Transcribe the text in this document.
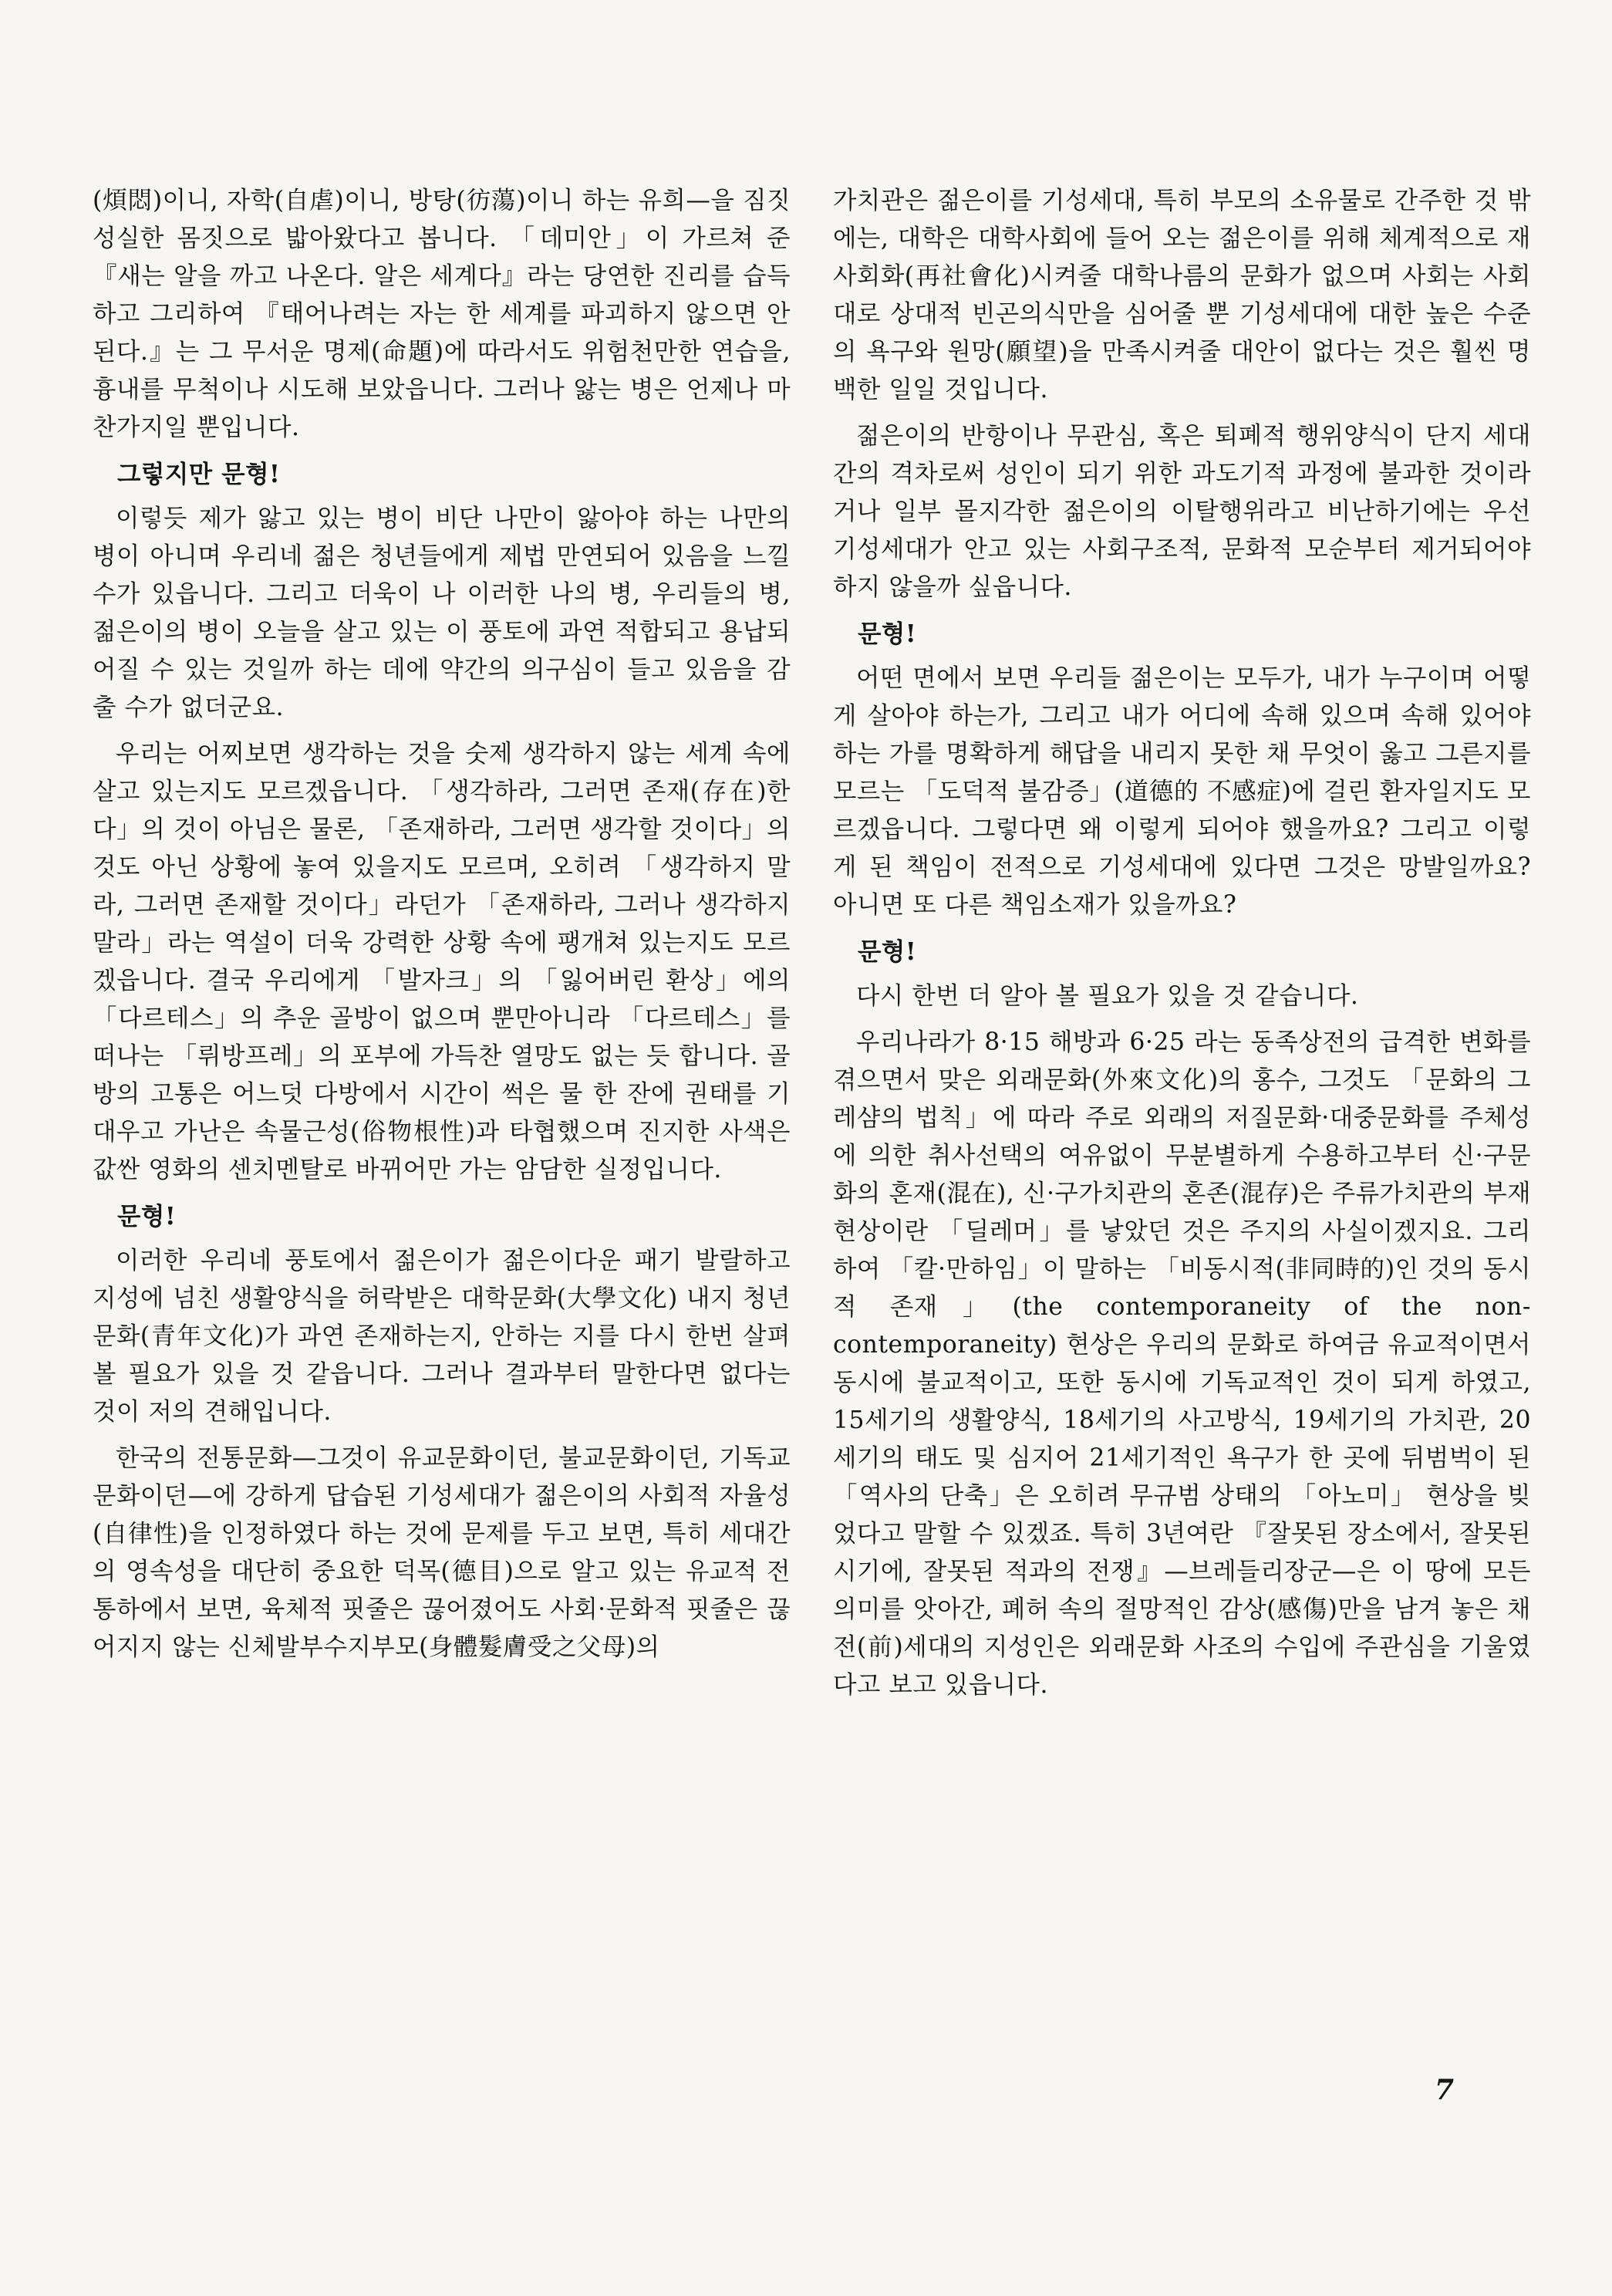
(煩悶)이니, 자학(自虐)이니, 방탕(彷蕩)이니 하는 유희—을 짐짓 성실한 몸짓으로 밟아왔다고 봅니다. 「데미안」이 가르쳐 준 『새는 알을 까고 나온다. 알은 세계다』라는 당연한 진리를 습득하고 그리하여 『태어나려는 자는 한 세계를 파괴하지 않으면 안된다.』는 그 무서운 명제(命題)에 따라서도 위험천만한 연습을, 흉내를 무척이나 시도해 보았읍니다. 그러나 앓는 병은 언제나 마찬가지일 뿐입니다.

그렇지만 문형!

이렇듯 제가 앓고 있는 병이 비단 나만이 앓아야 하는 나만의 병이 아니며 우리네 젊은 청년들에게 제법 만연되어 있음을 느낄 수가 있읍니다. 그리고 더욱이 나 이러한 나의 병, 우리들의 병, 젊은이의 병이 오늘을 살고 있는 이 풍토에 과연 적합되고 용납되어질 수 있는 것일까 하는 데에 약간의 의구심이 들고 있음을 감출 수가 없더군요.

우리는 어찌보면 생각하는 것을 숫제 생각하지 않는 세계 속에 살고 있는지도 모르겠읍니다. 「생각하라, 그러면 존재(存在)한다」의 것이 아님은 물론, 「존재하라, 그러면 생각할 것이다」의 것도 아닌 상황에 놓여 있을지도 모르며, 오히려 「생각하지 말라, 그러면 존재할 것이다」라던가 「존재하라, 그러나 생각하지 말라」라는 역설이 더욱 강력한 상황 속에 팽개쳐 있는지도 모르겠읍니다. 결국 우리에게 「발자크」의 「잃어버린 환상」에의 「다르테스」의 추운 골방이 없으며 뿐만아니라 「다르테스」를 떠나는 「뤼방프레」의 포부에 가득찬 열망도 없는 듯 합니다. 골방의 고통은 어느덧 다방에서 시간이 썩은 물 한 잔에 권태를 기대우고 가난은 속물근성(俗物根性)과 타협했으며 진지한 사색은 값싼 영화의 센치멘탈로 바뀌어만 가는 암담한 실정입니다.

문형!

이러한 우리네 풍토에서 젊은이가 젊은이다운 패기 발랄하고 지성에 넘친 생활양식을 허락받은 대학문화(大學文化) 내지 청년문화(青年文化)가 과연 존재하는지, 안하는 지를 다시 한번 살펴볼 필요가 있을 것 같읍니다. 그러나 결과부터 말한다면 없다는 것이 저의 견해입니다.

한국의 전통문화—그것이 유교문화이던, 불교문화이던, 기독교 문화이던—에 강하게 답습된 기성세대가 젊은이의 사회적 자율성(自律性)을 인정하였다 하는 것에 문제를 두고 보면, 특히 세대간의 영속성을 대단히 중요한 덕목(德目)으로 알고 있는 유교적 전통하에서 보면, 육체적 핏줄은 끊어졌어도 사회·문화적 핏줄은 끊어지지 않는 신체발부수지부모(身體髮膚受之父母)의

가치관은 젊은이를 기성세대, 특히 부모의 소유물로 간주한 것 밖에는, 대학은 대학사회에 들어 오는 젊은이를 위해 체계적으로 재사회화(再社會化)시켜줄 대학나름의 문화가 없으며 사회는 사회대로 상대적 빈곤의식만을 심어줄 뿐 기성세대에 대한 높은 수준의 욕구와 원망(願望)을 만족시켜줄 대안이 없다는 것은 훨씬 명백한 일일 것입니다.

젊은이의 반항이나 무관심, 혹은 퇴폐적 행위양식이 단지 세대간의 격차로써 성인이 되기 위한 과도기적 과정에 불과한 것이라거나 일부 몰지각한 젊은이의 이탈행위라고 비난하기에는 우선 기성세대가 안고 있는 사회구조적, 문화적 모순부터 제거되어야 하지 않을까 싶읍니다.

문형!

어떤 면에서 보면 우리들 젊은이는 모두가, 내가 누구이며 어떻게 살아야 하는가, 그리고 내가 어디에 속해 있으며 속해 있어야 하는 가를 명확하게 해답을 내리지 못한 채 무엇이 옳고 그른지를 모르는 「도덕적 불감증」(道德的 不感症)에 걸린 환자일지도 모르겠읍니다. 그렇다면 왜 이렇게 되어야 했을까요? 그리고 이렇게 된 책임이 전적으로 기성세대에 있다면 그것은 망발일까요? 아니면 또 다른 책임소재가 있을까요?

문형!

다시 한번 더 알아 볼 필요가 있을 것 같습니다.

우리나라가 8·15 해방과 6·25 라는 동족상전의 급격한 변화를 겪으면서 맞은 외래문화(外來文化)의 홍수, 그것도 「문화의 그레샴의 법칙」에 따라 주로 외래의 저질문화·대중문화를 주체성에 의한 취사선택의 여유없이 무분별하게 수용하고부터 신·구문화의 혼재(混在), 신·구가치관의 혼존(混存)은 주류가치관의 부재현상이란 「딜레머」를 낳았던 것은 주지의 사실이겠지요. 그리하여 「칼·만하임」이 말하는 「비동시적(非同時的)인 것의 동시적 존재」(the contemporaneity of the non-contemporaneity) 현상은 우리의 문화로 하여금 유교적이면서 동시에 불교적이고, 또한 동시에 기독교적인 것이 되게 하였고, 15세기의 생활양식, 18세기의 사고방식, 19세기의 가치관, 20세기의 태도 및 심지어 21세기적인 욕구가 한 곳에 뒤범벅이 된 「역사의 단축」은 오히려 무규범 상태의 「아노미」 현상을 빚었다고 말할 수 있겠죠. 특히 3년여란 『잘못된 장소에서, 잘못된 시기에, 잘못된 적과의 전쟁』—브레들리장군—은 이 땅에 모든 의미를 앗아간, 폐허 속의 절망적인 감상(感傷)만을 남겨 놓은 채 전(前)세대의 지성인은 외래문화 사조의 수입에 주관심을 기울였다고 보고 있읍니다.

7
